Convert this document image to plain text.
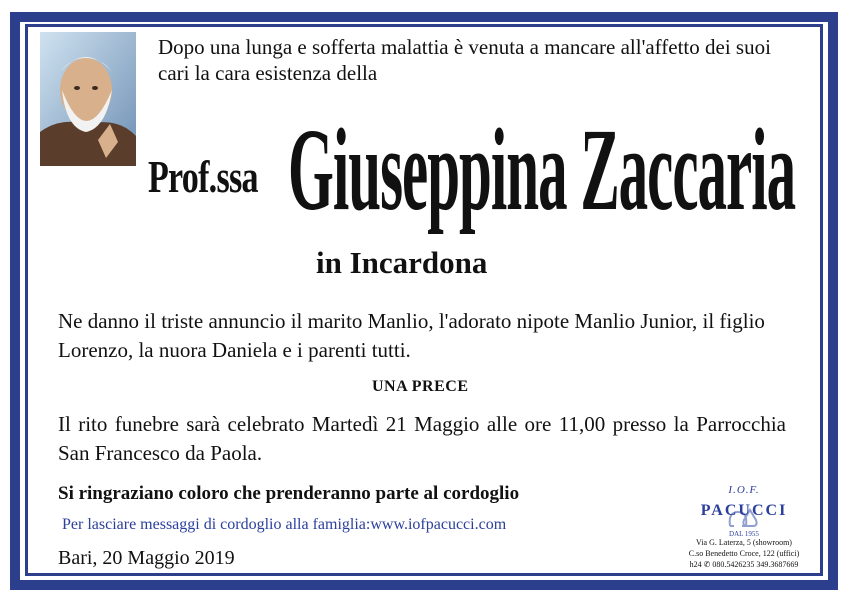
Dopo una lunga e sofferta malattia è venuta a mancare all'affetto dei suoi cari la cara esistenza della
Prof.ssa Giuseppina Zaccaria
in Incardona
Ne danno il triste annuncio il marito Manlio, l'adorato nipote Manlio Junior, il figlio Lorenzo, la nuora Daniela e i parenti tutti.
UNA PRECE
Il rito funebre sarà celebrato Martedì 21 Maggio alle ore 11,00 presso la Parrocchia San Francesco da Paola.
Si ringraziano coloro che prenderanno parte al cordoglio
Per lasciare messaggi di cordoglio alla famiglia:www.iofpacucci.com
Bari, 20 Maggio 2019
I.O.F.
PACUCCI
DAL 1955
Via G. Laterza, 5 (showroom)
C.so Benedetto Croce, 122 (uffici)
h24 ✆ 080.5426235 349.3687669
